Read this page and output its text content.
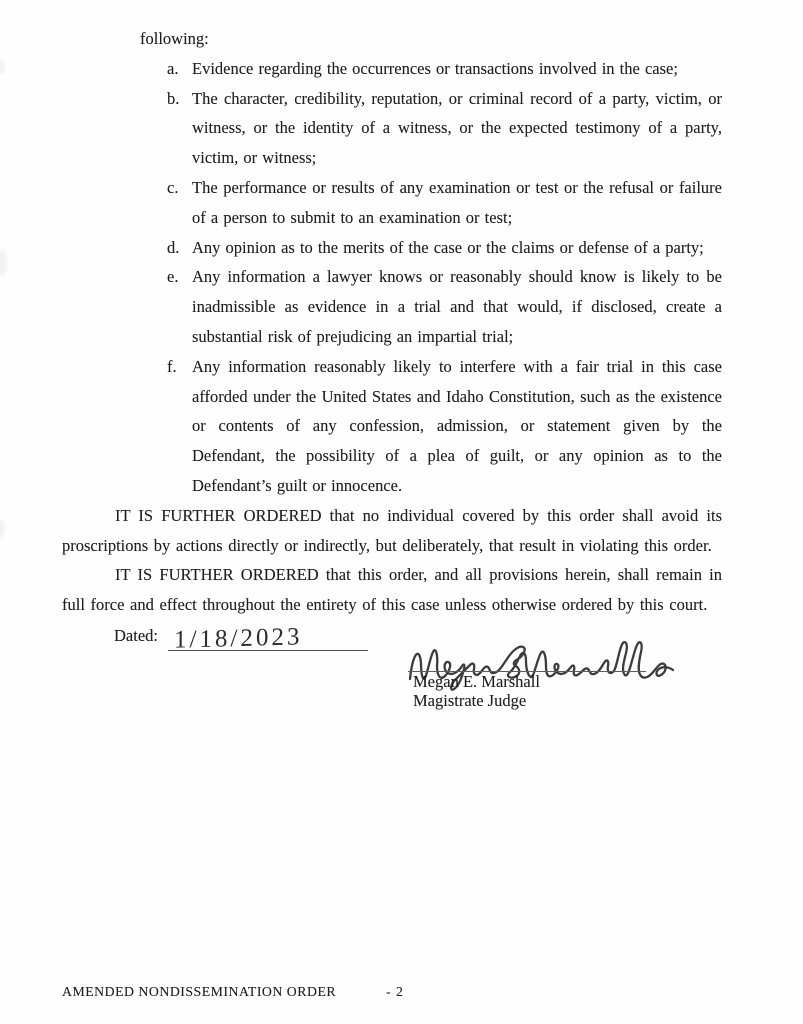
following:
a. Evidence regarding the occurrences or transactions involved in the case;
b. The character, credibility, reputation, or criminal record of a party, victim, or witness, or the identity of a witness, or the expected testimony of a party, victim, or witness;
c. The performance or results of any examination or test or the refusal or failure of a person to submit to an examination or test;
d. Any opinion as to the merits of the case or the claims or defense of a party;
e. Any information a lawyer knows or reasonably should know is likely to be inadmissible as evidence in a trial and that would, if disclosed, create a substantial risk of prejudicing an impartial trial;
f. Any information reasonably likely to interfere with a fair trial in this case afforded under the United States and Idaho Constitution, such as the existence or contents of any confession, admission, or statement given by the Defendant, the possibility of a plea of guilt, or any opinion as to the Defendant’s guilt or innocence.

IT IS FURTHER ORDERED that no individual covered by this order shall avoid its proscriptions by actions directly or indirectly, but deliberately, that result in violating this order.

IT IS FURTHER ORDERED that this order, and all provisions herein, shall remain in full force and effect throughout the entirety of this case unless otherwise ordered by this court.

Dated: 1/18/2023
Megan E. Marshall
Magistrate Judge
AMENDED NONDISSEMINATION ORDER	- 2
